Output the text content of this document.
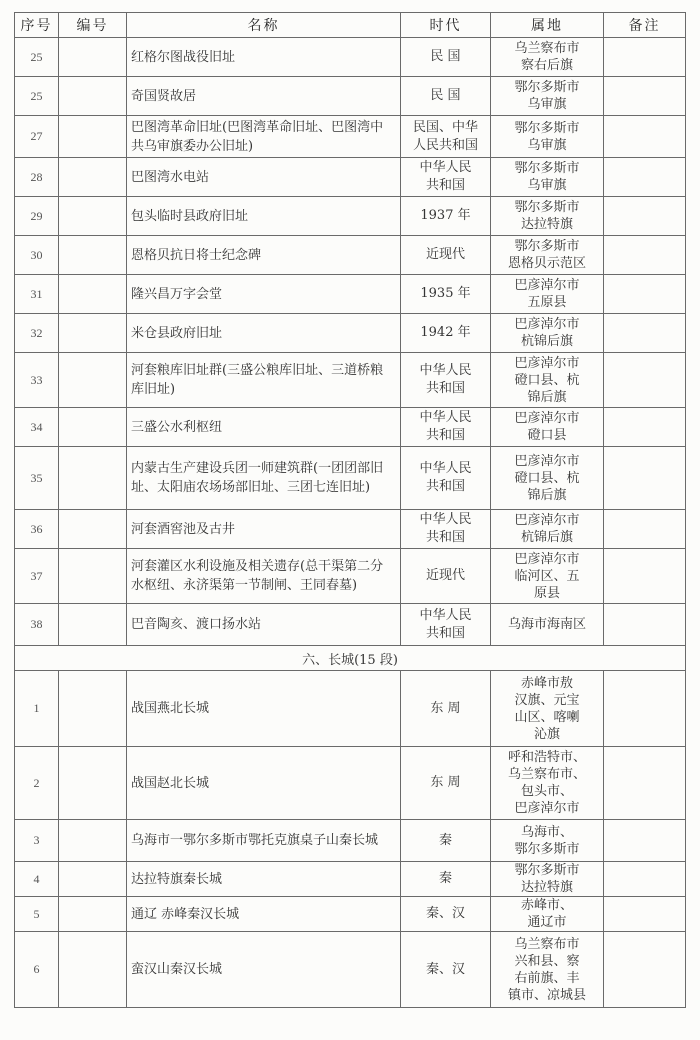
序号	编号	名称	时代	属地	备注
25		红格尔图战役旧址	民 国	乌兰察布市
察右后旗	
25		奇国贤故居	民 国	鄂尔多斯市
乌审旗	
27		巴图湾革命旧址(巴图湾革命旧址、巴图湾中共乌审旗委办公旧址)	民国、中华
人民共和国	鄂尔多斯市
乌审旗	
28		巴图湾水电站	中华人民
共和国	鄂尔多斯市
乌审旗	
29		包头临时县政府旧址	1937 年	鄂尔多斯市
达拉特旗	
30		恩格贝抗日将士纪念碑	近现代	鄂尔多斯市
恩格贝示范区	
31		隆兴昌万字会堂	1935 年	巴彦淖尔市
五原县	
32		米仓县政府旧址	1942 年	巴彦淖尔市
杭锦后旗	
33		河套粮库旧址群(三盛公粮库旧址、三道桥粮库旧址)	中华人民
共和国	巴彦淖尔市
磴口县、杭
锦后旗	
34		三盛公水利枢纽	中华人民
共和国	巴彦淖尔市
磴口县	
35		内蒙古生产建设兵团一师建筑群(一团团部旧址、太阳庙农场场部旧址、三团七连旧址)	中华人民
共和国	巴彦淖尔市
磴口县、杭
锦后旗	
36		河套酒窖池及古井	中华人民
共和国	巴彦淖尔市
杭锦后旗	
37		河套灌区水利设施及相关遗存(总干渠第二分水枢纽、永济渠第一节制闸、王同春墓)	近现代	巴彦淖尔市
临河区、五
原县	
38		巴音陶亥、渡口扬水站	中华人民
共和国	乌海市海南区	
六、长城(15 段)					
1		战国燕北长城	东 周	赤峰市敖
汉旗、元宝
山区、喀喇
沁旗	
2		战国赵北长城	东 周	呼和浩特市、
乌兰察布市、
包头市、
巴彦淖尔市	
3		乌海市一鄂尔多斯市鄂托克旗桌子山秦长城	秦	乌海市、
鄂尔多斯市	
4		达拉特旗秦长城	秦	鄂尔多斯市
达拉特旗	
5		通辽 赤峰秦汉长城	秦、汉	赤峰市、
通辽市	
6		蛮汉山秦汉长城	秦、汉	乌兰察布市
兴和县、察
右前旗、丰
镇市、凉城县	
